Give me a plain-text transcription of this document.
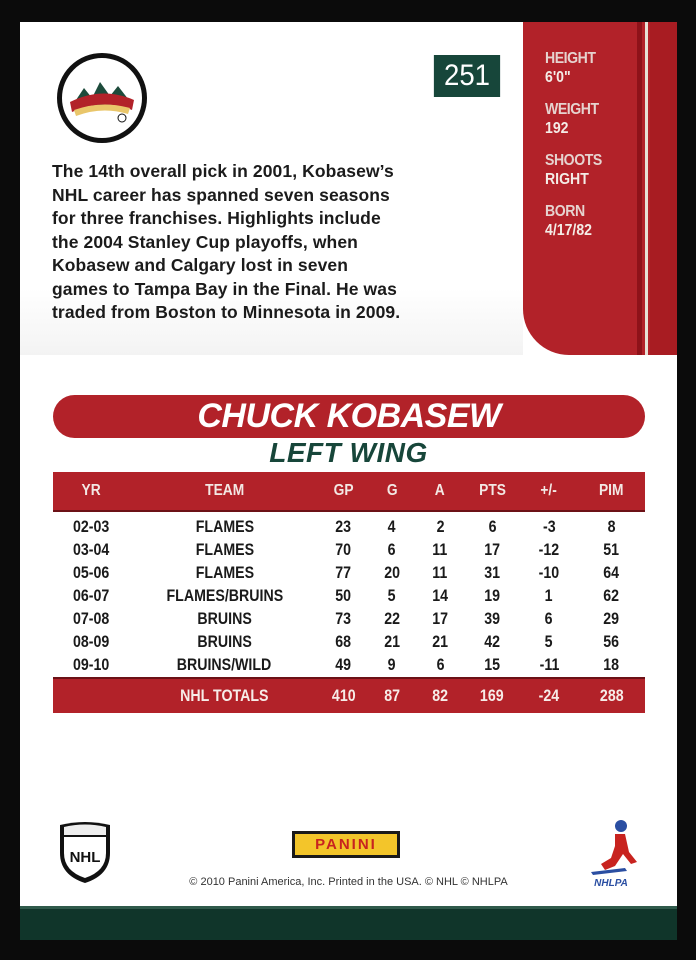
HEIGHT
6'0"
WEIGHT
192
SHOOTS
RIGHT
BORN
4/17/82
251
The 14th overall pick in 2001, Kobasew’s
NHL career has spanned seven seasons
for three franchises. Highlights include
the 2004 Stanley Cup playoffs, when
Kobasew and Calgary lost in seven
games to Tampa Bay in the Final. He was
traded from Boston to Minnesota in 2009.
CHUCK KOBASEW
LEFT WING
YR	TEAM	GP	G	A	PTS	+/-	PIM
02-03	FLAMES	23	4	2	6	-3	8
03-04	FLAMES	70	6	11	17	-12	51
05-06	FLAMES	77	20	11	31	-10	64
06-07	FLAMES/BRUINS	50	5	14	19	1	62
07-08	BRUINS	73	22	17	39	6	29
08-09	BRUINS	68	21	21	42	5	56
09-10	BRUINS/WILD	49	9	6	15	-11	18
	NHL TOTALS	410	87	82	169	-24	288
NHL
PANINI
© 2010 Panini America, Inc. Printed in the USA. © NHL © NHLPA	NHLPA
